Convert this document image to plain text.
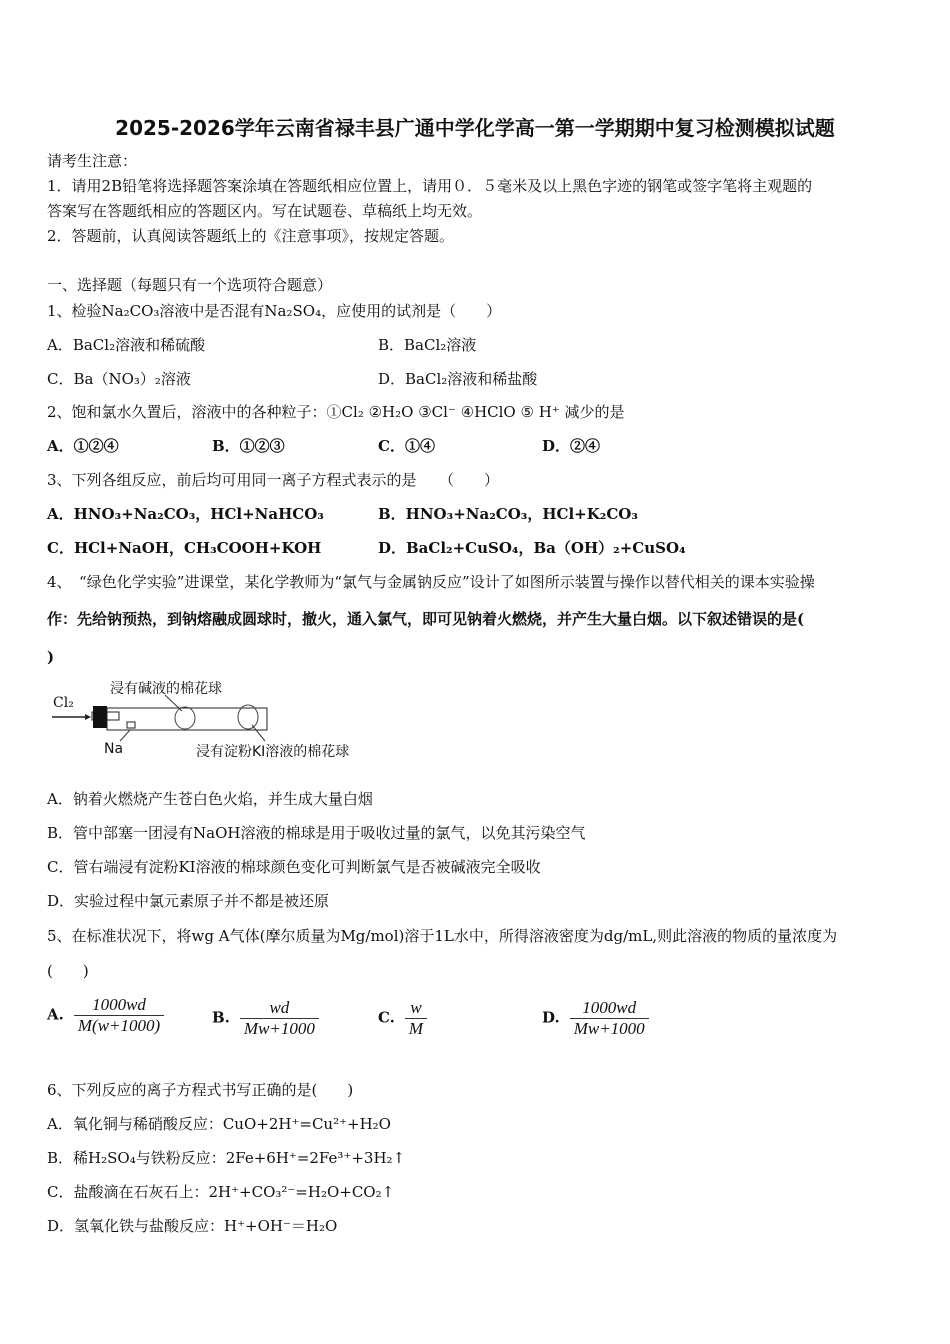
2025-2026学年云南省禄丰县广通中学化学高一第一学期期中复习检测模拟试题
请考生注意：
1．请用2B铅笔将选择题答案涂填在答题纸相应位置上，请用０．５毫米及以上黑色字迹的钢笔或签字笔将主观题的
答案写在答题纸相应的答题区内。写在试题卷、草稿纸上均无效。
2．答题前，认真阅读答题纸上的《注意事项》，按规定答题。
一、选择题（每题只有一个选项符合题意）
1、检验Na₂CO₃溶液中是否混有Na₂SO₄，应使用的试剂是（　　）
A．BaCl₂溶液和稀硫酸	B．BaCl₂溶液
C．Ba（NO₃）₂溶液	D．BaCl₂溶液和稀盐酸
2、饱和氯水久置后，溶液中的各种粒子：①Cl₂ ②H₂O ③Cl⁻ ④HClO ⑤ H⁺ 减少的是
A．①②④	B．①②③	C．①④	D．②④
3、下列各组反应，前后均可用同一离子方程式表示的是　　（　　）
A．HNO₃+Na₂CO₃，HCl+NaHCO₃	B．HNO₃+Na₂CO₃，HCl+K₂CO₃
C．HCl+NaOH，CH₃COOH+KOH	D．BaCl₂+CuSO₄，Ba（OH）₂+CuSO₄
4、　“绿色化学实验”进课堂，某化学教师为“氯气与金属钠反应”设计了如图所示装置与操作以替代相关的课本实验操
作：先给钠预热，到钠熔融成圆球时，撤火，通入氯气，即可见钠着火燃烧，并产生大量白烟。以下叙述错误的是(
)
Cl₂
浸有碱液的棉花球
Na	浸有淀粉KI溶液的棉花球
A．钠着火燃烧产生苍白色火焰，并生成大量白烟
B．管中部塞一团浸有NaOH溶液的棉球是用于吸收过量的氯气，以免其污染空气
C．管右端浸有淀粉KI溶液的棉球颜色变化可判断氯气是否被碱液完全吸收
D．实验过程中氯元素原子并不都是被还原
5、在标准状况下，将wg A气体(摩尔质量为Mg/mol)溶于1L水中，所得溶液密度为dg/mL,则此溶液的物质的量浓度为
(　　)
A. $\frac{1000wd}{M(w+1000)}$	B. $\frac{wd}{Mw+1000}$	C. $\frac{w}{M}$	D. $\frac{1000wd}{Mw+1000}$
6、下列反应的离子方程式书写正确的是(　　)
A．氧化铜与稀硝酸反应：CuO+2H⁺=Cu²⁺+H₂O
B．稀H₂SO₄与铁粉反应：2Fe+6H⁺=2Fe³⁺+3H₂↑
C．盐酸滴在石灰石上：2H⁺+CO₃²⁻=H₂O+CO₂↑
D．氢氧化铁与盐酸反应：H⁺+OH⁻＝H₂O
